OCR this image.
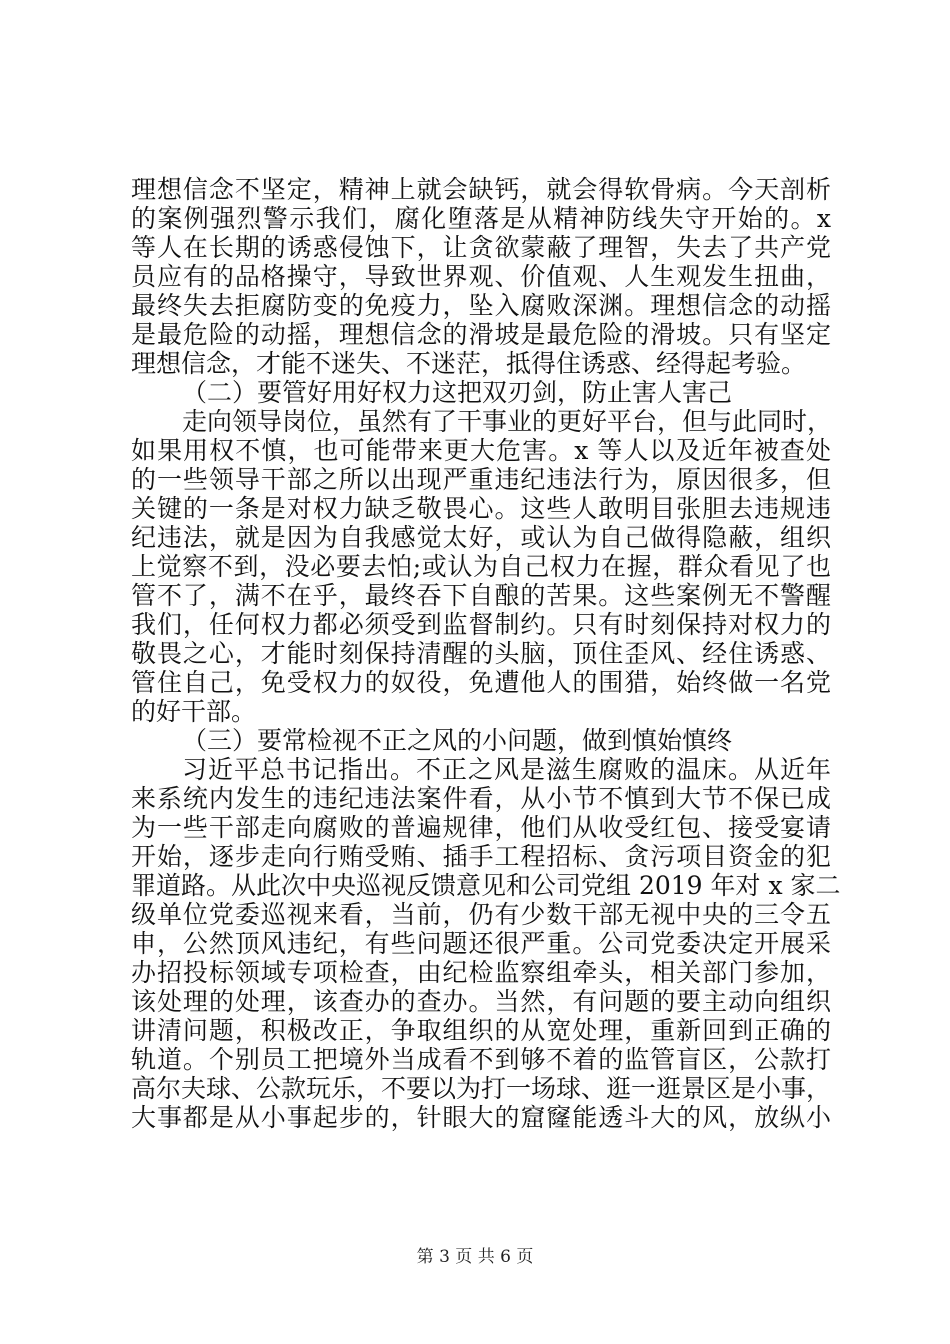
理想信念不坚定，精神上就会缺钙，就会得软骨病。今天剖析
的案例强烈警示我们，腐化堕落是从精神防线失守开始的。x
等人在长期的诱惑侵蚀下，让贪欲蒙蔽了理智，失去了共产党
员应有的品格操守，导致世界观、价值观、人生观发生扭曲，
最终失去拒腐防变的免疫力，坠入腐败深渊。理想信念的动摇
是最危险的动摇，理想信念的滑坡是最危险的滑坡。只有坚定
理想信念，才能不迷失、不迷茫，抵得住诱惑、经得起考验。
（二）要管好用好权力这把双刃剑，防止害人害己
走向领导岗位，虽然有了干事业的更好平台，但与此同时，
如果用权不慎，也可能带来更大危害。x 等人以及近年被查处
的一些领导干部之所以出现严重违纪违法行为，原因很多，但
关键的一条是对权力缺乏敬畏心。这些人敢明目张胆去违规违
纪违法，就是因为自我感觉太好，或认为自己做得隐蔽，组织
上觉察不到，没必要去怕;或认为自己权力在握，群众看见了也
管不了，满不在乎，最终吞下自酿的苦果。这些案例无不警醒
我们，任何权力都必须受到监督制约。只有时刻保持对权力的
敬畏之心，才能时刻保持清醒的头脑，顶住歪风、经住诱惑、
管住自己，免受权力的奴役，免遭他人的围猎，始终做一名党
的好干部。
（三）要常检视不正之风的小问题，做到慎始慎终
习近平总书记指出。不正之风是滋生腐败的温床。从近年
来系统内发生的违纪违法案件看，从小节不慎到大节不保已成
为一些干部走向腐败的普遍规律，他们从收受红包、接受宴请
开始，逐步走向行贿受贿、插手工程招标、贪污项目资金的犯
罪道路。从此次中央巡视反馈意见和公司党组 2019 年对 x 家二
级单位党委巡视来看，当前，仍有少数干部无视中央的三令五
申，公然顶风违纪，有些问题还很严重。公司党委决定开展采
办招投标领域专项检查，由纪检监察组牵头，相关部门参加，
该处理的处理，该查办的查办。当然，有问题的要主动向组织
讲清问题，积极改正，争取组织的从宽处理，重新回到正确的
轨道。个别员工把境外当成看不到够不着的监管盲区，公款打
高尔夫球、公款玩乐，不要以为打一场球、逛一逛景区是小事，
大事都是从小事起步的，针眼大的窟窿能透斗大的风，放纵小
第 3 页 共 6 页
